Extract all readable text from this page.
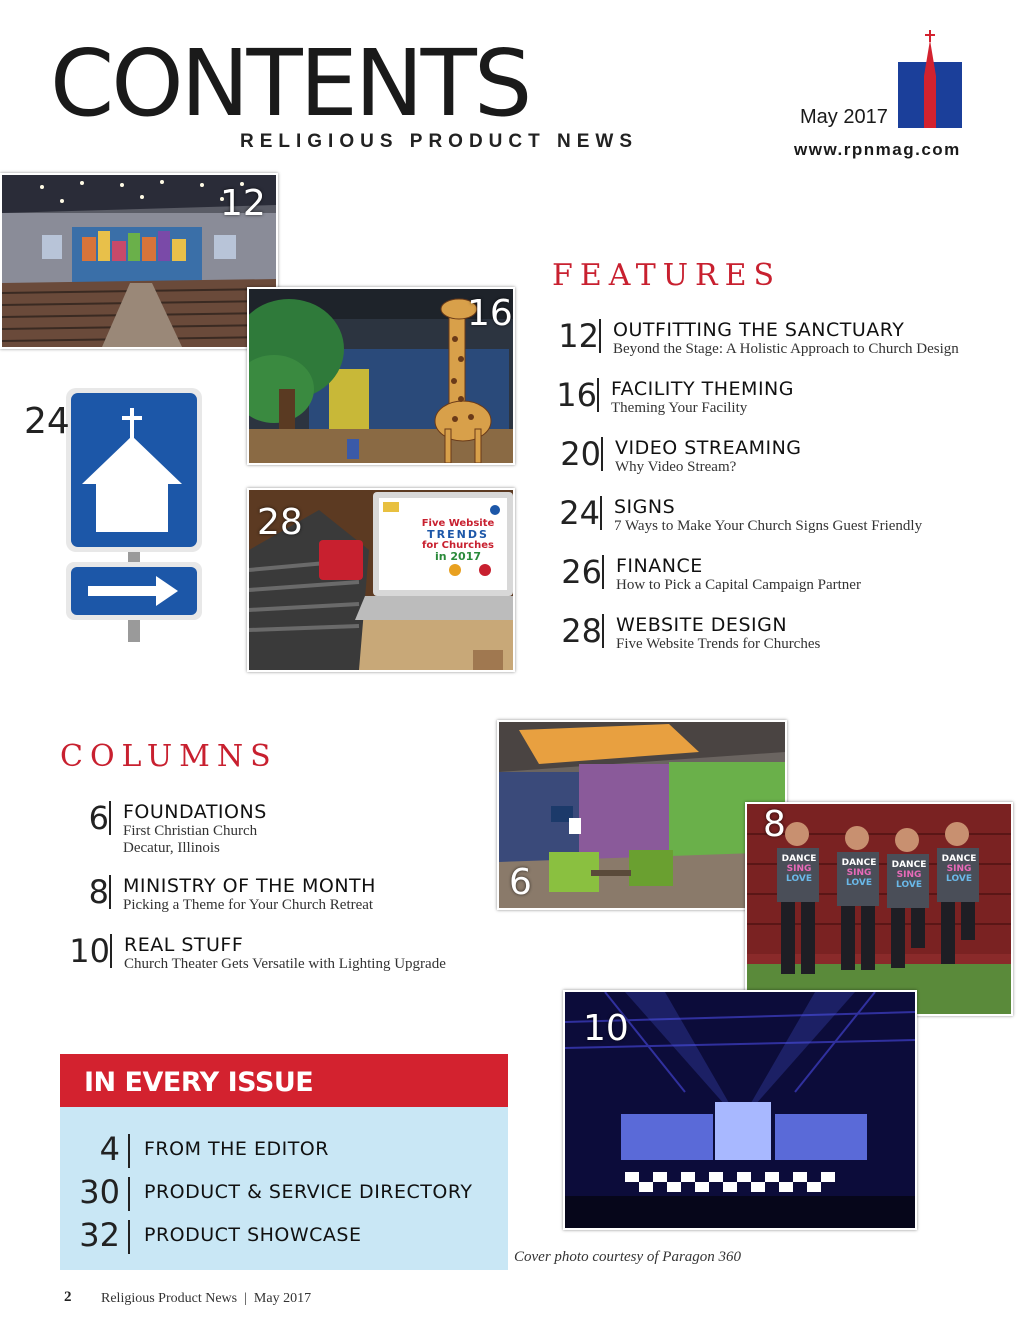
CONTENTS
RELIGIOUS PRODUCT NEWS
May 2017
www.rpnmag.com
12
24
16
Five Website
TRENDS
for Churches
in 2017
28
FEATURES
12 OUTFITTING THE SANCTUARY
Beyond the Stage: A Holistic Approach to Church Design
16 FACILITY THEMING
Theming Your Facility
20 VIDEO STREAMING
Why Video Stream?
24 SIGNS
7 Ways to Make Your Church Signs Guest Friendly
26 FINANCE
How to Pick a Capital Campaign Partner
28 WEBSITE DESIGN
Five Website Trends for Churches
COLUMNS
6 FOUNDATIONS
First Christian Church
Decatur, Illinois
8 MINISTRY OF THE MONTH
Picking a Theme for Your Church Retreat
10 REAL STUFF
Church Theater Gets Versatile with Lighting Upgrade
6
DANCE
SING
LOVE
DANCE
SING
LOVE
DANCE
SING
LOVE
DANCE
SING
LOVE
8
10
IN EVERY ISSUE
4 FROM THE EDITOR
30 PRODUCT & SERVICE DIRECTORY
32 PRODUCT SHOWCASE
Cover photo courtesy of Paragon 360
2 Religious Product News  |  May 2017
